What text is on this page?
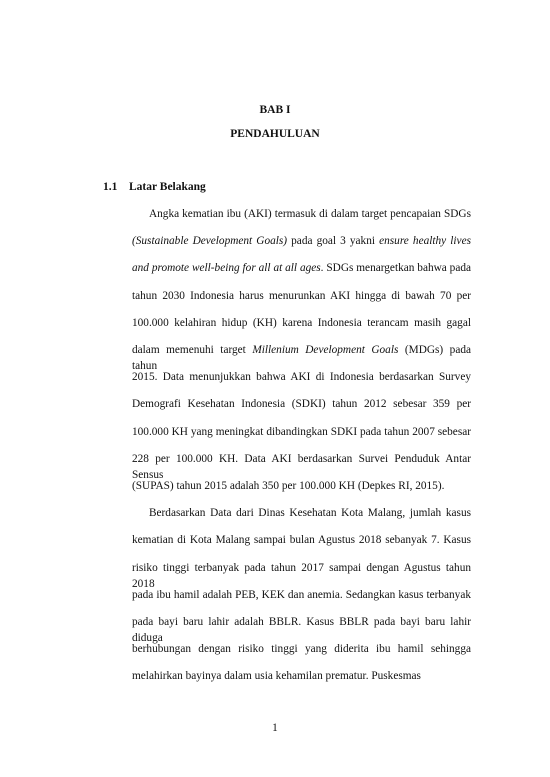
BAB I
PENDAHULUAN
1.1 Latar Belakang
Angka kematian ibu (AKI) termasuk di dalam target pencapaian SDGs
(Sustainable Development Goals) pada goal 3 yakni ensure healthy lives
and promote well-being for all at all ages. SDGs menargetkan bahwa pada
tahun 2030 Indonesia harus menurunkan AKI hingga di bawah 70 per
100.000 kelahiran hidup (KH) karena Indonesia terancam masih gagal
dalam memenuhi target Millenium Development Goals (MDGs) pada tahun
2015. Data menunjukkan bahwa AKI di Indonesia berdasarkan Survey
Demografi Kesehatan Indonesia (SDKI) tahun 2012 sebesar 359 per
100.000 KH yang meningkat dibandingkan SDKI pada tahun 2007 sebesar
228 per 100.000 KH. Data AKI berdasarkan Survei Penduduk Antar Sensus
(SUPAS) tahun 2015 adalah 350 per 100.000 KH (Depkes RI, 2015).
Berdasarkan Data dari Dinas Kesehatan Kota Malang, jumlah kasus
kematian di Kota Malang sampai bulan Agustus 2018 sebanyak 7. Kasus
risiko tinggi terbanyak pada tahun 2017 sampai dengan Agustus tahun 2018
pada ibu hamil adalah PEB, KEK dan anemia. Sedangkan kasus terbanyak
pada bayi baru lahir adalah BBLR. Kasus BBLR pada bayi baru lahir diduga
berhubungan dengan risiko tinggi yang diderita ibu hamil sehingga
melahirkan bayinya dalam usia kehamilan prematur. Puskesmas
1
